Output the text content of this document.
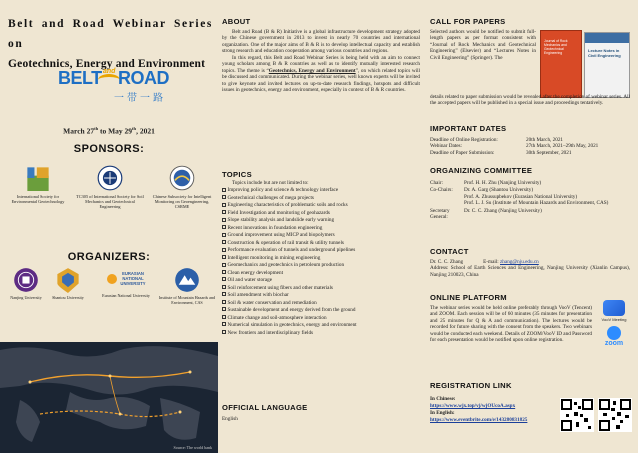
Belt and Road Webinar Series on
Geotechnics, Energy and Environment
BELT and ROAD
一带一路
March 27th to May 29th, 2021
SPONSORS:
International Society for Environmental Geotechnology
TC305 of International Society for Soil Mechanics and Geotechnical Engineering
Chinese Subsociety for Intelligent Monitoring on Geoengineering, CSRME
ORGANIZERS:
Nanjing University	Shantou University
EURASIAN NATIONAL UNIVERSITY
Eurasian National University	Institute of Mountain Hazards and Environment, CAS
Source: The world bank
ABOUT

Belt and Road (B & R) Initiative is a global infrastructure development strategy adopted by the Chinese government in 2013 to invest in nearly 70 countries and international organization. One of the major aims of B & R is to develop intellectual capacity and establish strong research and education cooperation among various countries and regions.

In this regard, this Belt and Road Webinar Series is being held with an aim to connect young scholars among B & R countries as well as to identify mutually interested research topics. The theme is “Geotechnics, Energy and Environment”, on which related topics will be discussed and communicated. During the webinar series, well known experts will be invited to give keynote and invited lectures on up-to-date research findings, hotspots and difficult issues in geotechnics, energy and environment, especially in context of B & R countries.

TOPICS
Topics include but are not limited to:
Improving policy and science & technology interface
Geotechnical challenges of mega projects
Engineering characteristics of problematic soils and rocks
Field Investigation and monitoring of geohazards
Slope stability analysis and landslide early warning
Recent innovations in foundation engineering
Ground improvement using MICP and biopolymers
Construction & operation of rail transit & utility tunnels
Performance evaluation of tunnels and underground pipelines
Intelligent monitoring in mining engineering
Geomechanics and geotechnics in petroleum production
Clean energy development
Oil and water storage
Soil reinforcement using fibers and other materials
Soil amendment with biochar
Soil & water conservation and remediation
Sustainable development and energy derived from the ground
Climate change and soil-atmosphere interaction
Numerical simulation in geotechnics, energy and environment
New frontiers and interdisciplinary fields
OFFICIAL LANGUAGE
English
CALL FOR PAPERS
Selected authors would be notified to submit full-length papers as per format consistent with “Journal of Rock Mechanics and Geotechnical Engineering” (Elsevier) and “Lectures Notes in Civil Engineering” (Springer). The
Journal of Rock Mechanics and Geotechnical Engineering	Lecture Notes in Civil Engineering
details related to paper submission would be revealed after the completion of webinar series. All the accepted papers will be published in a special issue and proceedings tentatively.
IMPORTANT DATES
Deadline of Online Registration:	20th March, 2021
Webinar Dates:	27th March, 2021–29th May, 2021
Deadline of Paper Submission:	30th September, 2021
ORGANIZING COMMITTEE
Chair:	Prof. H. H. Zhu (Nanjing University)
Co-Chairs:	Dr. A. Garg (Shantou University)
Prof. A. Zhussupbekov (Eurasian National University)
Prof. L. J. Su (Institute of Mountain Hazards and Environment, CAS)
Secretary General:
Dr. C. C. Zhang (Nanjing University)
CONTACT
Dr. C. C. Zhang	E-mail: zhang@nju.edu.cn
Address: School of Earth Sciences and Engineering, Nanjing University (Xianlin Campus), Nanjing 210023, China
ONLINE PLATFORM
The webinar series would be held online preferably through VooV (Tencent) and ZOOM. Each session will be of 60 minutes (35 minutes for presentation and 25 minutes for Q & A and communication). The lectures would be recorded for future sharing with the consent from the speakers. Two webinars would be conducted each weekend. Details of ZOOM/VooV ID and Password for each presentation would be notified upon online registration.
VooV Meeting
zoom
REGISTRATION LINK
In Chinese:
https://www.wjx.top/vj/wjOUcoA.aspx
In English:
https://www.eventbrite.com/e/143280831825
